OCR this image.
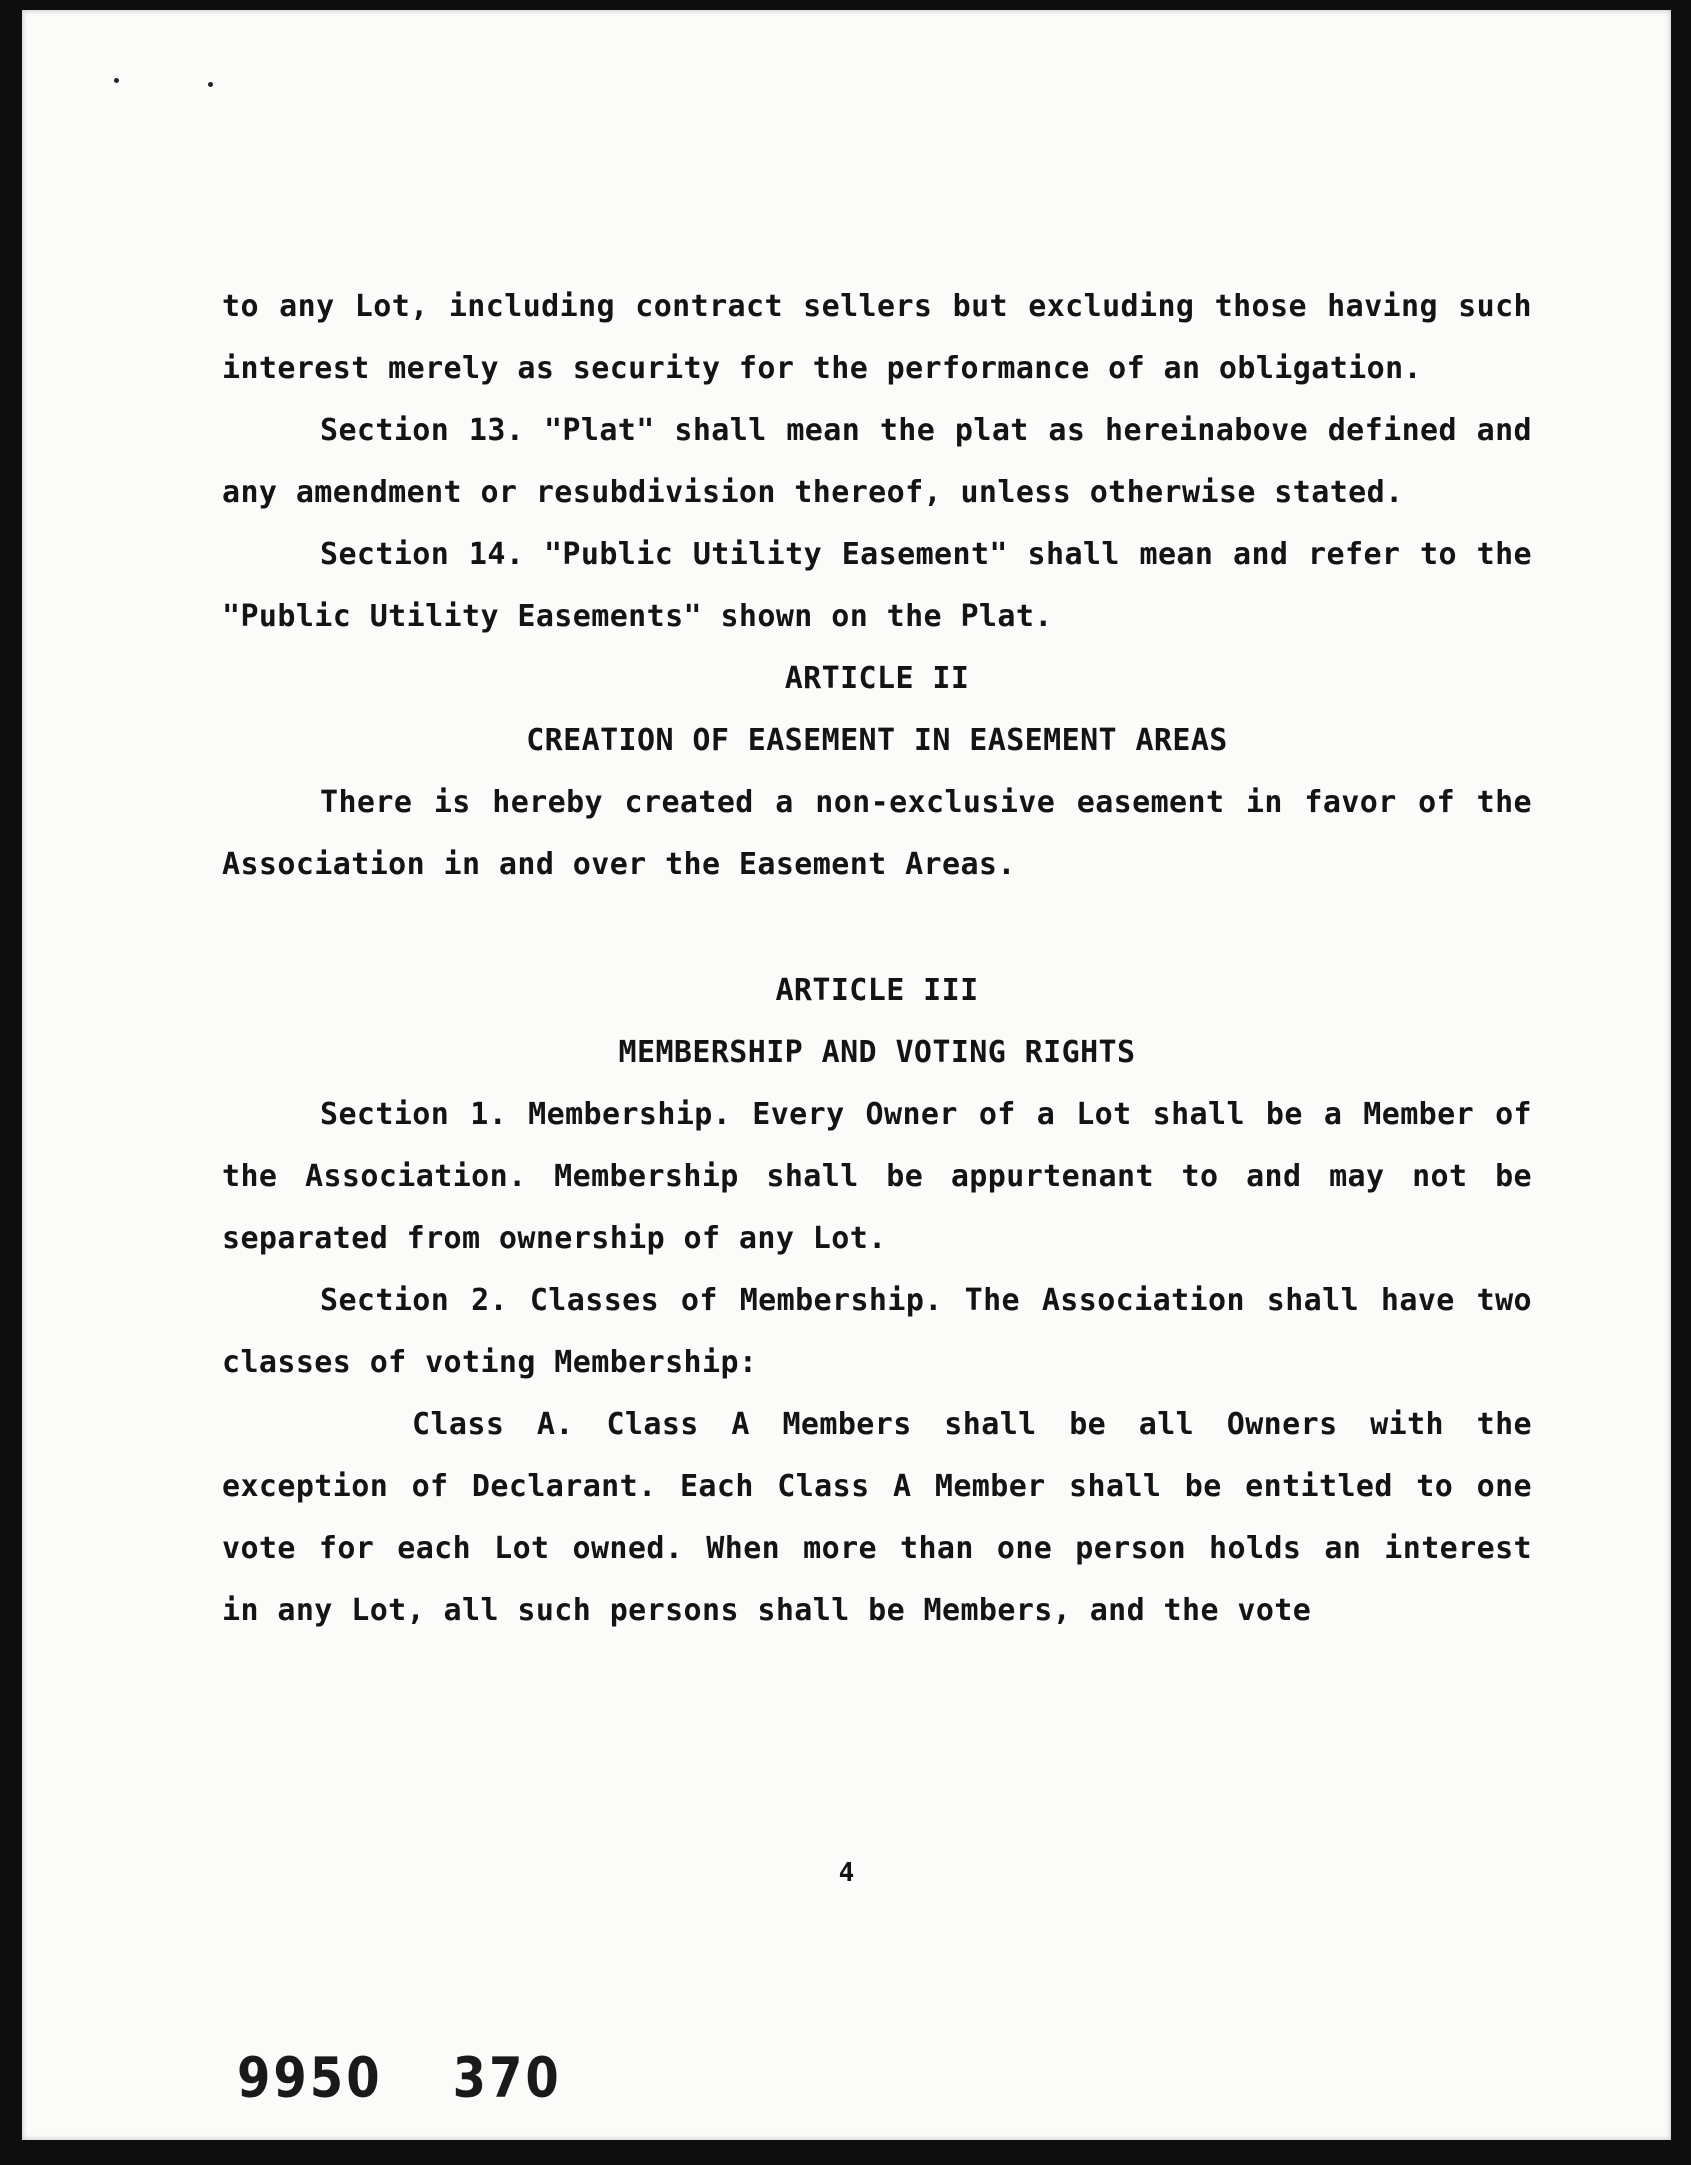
to any Lot, including contract sellers but excluding those having such interest merely as security for the performance of an obligation.

Section 13. "Plat" shall mean the plat as hereinabove defined and any amendment or resubdivision thereof, unless otherwise stated.

Section 14. "Public Utility Easement" shall mean and refer to the "Public Utility Easements" shown on the Plat.

ARTICLE II

CREATION OF EASEMENT IN EASEMENT AREAS

There is hereby created a non-exclusive easement in favor of the Association in and over the Easement Areas.

ARTICLE III

MEMBERSHIP AND VOTING RIGHTS

Section 1. Membership. Every Owner of a Lot shall be a Member of the Association. Membership shall be appurtenant to and may not be separated from ownership of any Lot.

Section 2. Classes of Membership. The Association shall have two classes of voting Membership:

Class A. Class A Members shall be all Owners with the exception of Declarant. Each Class A Member shall be entitled to one vote for each Lot owned. When more than one person holds an interest in any Lot, all such persons shall be Members, and the vote

4
9950 370
